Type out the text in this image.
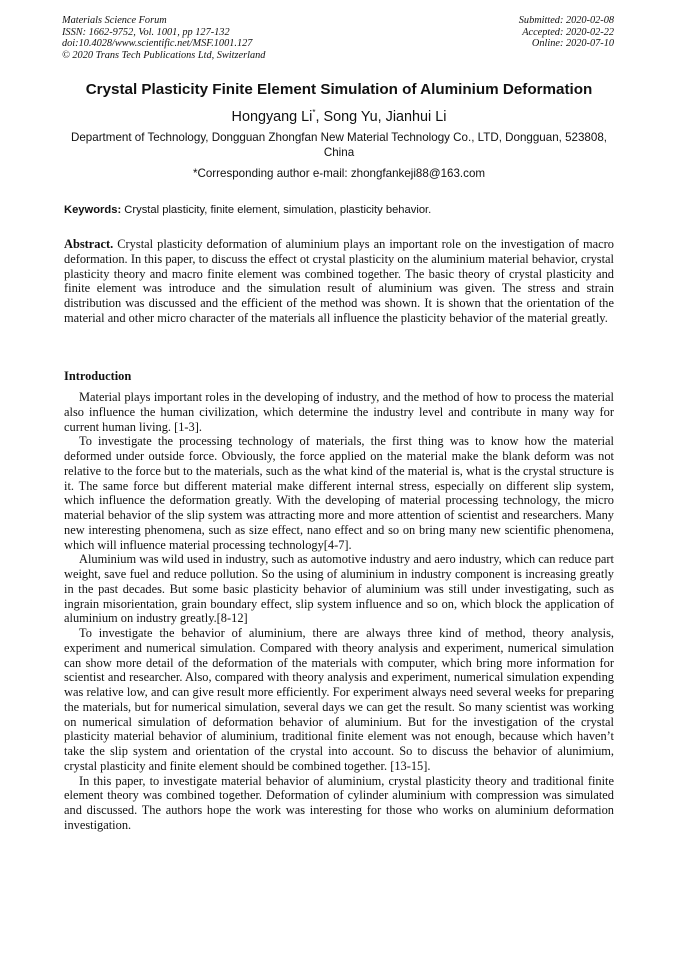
Materials Science Forum
ISSN: 1662-9752, Vol. 1001, pp 127-132
doi:10.4028/www.scientific.net/MSF.1001.127
© 2020 Trans Tech Publications Ltd, Switzerland
Submitted: 2020-02-08
Accepted: 2020-02-22
Online: 2020-07-10
Crystal Plasticity Finite Element Simulation of Aluminium Deformation
Hongyang Li*, Song Yu, Jianhui Li
Department of Technology, Dongguan Zhongfan New Material Technology Co., LTD, Dongguan, 523808, China
*Corresponding author e-mail: zhongfankeji88@163.com
Keywords: Crystal plasticity, finite element, simulation, plasticity behavior.
Abstract. Crystal plasticity deformation of aluminium plays an important role on the investigation of macro deformation. In this paper, to discuss the effect ot crystal plasticity on the aluminium material behavior, crystal plasticity theory and macro finite element was combined together. The basic theory of crystal plasticity and finite element was introduce and the simulation result of aluminium was given. The stress and strain distribution was discussed and the efficient of the method was shown. It is shown that the orientation of the material and other micro character of the materials all influence the plasticity behavior of the material greatly.
Introduction

Material plays important roles in the developing of industry, and the method of how to process the material also influence the human civilization, which determine the industry level and contribute in many way for current human living. [1-3].

To investigate the processing technology of materials, the first thing was to know how the material deformed under outside force. Obviously, the force applied on the material make the blank deform was not relative to the force but to the materials, such as the what kind of the material is, what is the crystal structure is it. The same force but different material make different internal stress, especially on different slip system, which influence the deformation greatly. With the developing of material processing technology, the micro material behavior of the slip system was attracting more and more attention of scientist and researchers. Many new interesting phenomena, such as size effect, nano effect and so on bring many new scientific phenomena, which will influence material processing technology[4-7].

Aluminium was wild used in industry, such as automotive industry and aero industry, which can reduce part weight, save fuel and reduce pollution. So the using of aluminium in industry component is increasing greatly in the past decades. But some basic plasticity behavior of aluminium was still under investigating, such as ingrain misorientation, grain boundary effect, slip system influence and so on, which block the application of aluminium on industry greatly.[8-12]

To investigate the behavior of aluminium, there are always three kind of method, theory analysis, experiment and numerical simulation. Compared with theory analysis and experiment, numerical simulation can show more detail of the deformation of the materials with computer, which bring more information for scientist and researcher. Also, compared with theory analysis and experiment, numerical simulation expending was relative low, and can give result more efficiently. For experiment always need several weeks for preparing the materials, but for numerical simulation, several days we can get the result. So many scientist was working on numerical simulation of deformation behavior of aluminium. But for the investigation of the crystal plasticity material behavior of aluminium, traditional finite element was not enough, because which haven’t take the slip system and orientation of the crystal into account. So to discuss the behavior of alunimium, crystal plasticity and finite element should be combined together. [13-15].

In this paper, to investigate material behavior of aluminium, crystal plasticity theory and traditional finite element theory was combined together. Deformation of cylinder aluminium with compression was simulated and discussed. The authors hope the work was interesting for those who works on aluminium deformation investigation.
